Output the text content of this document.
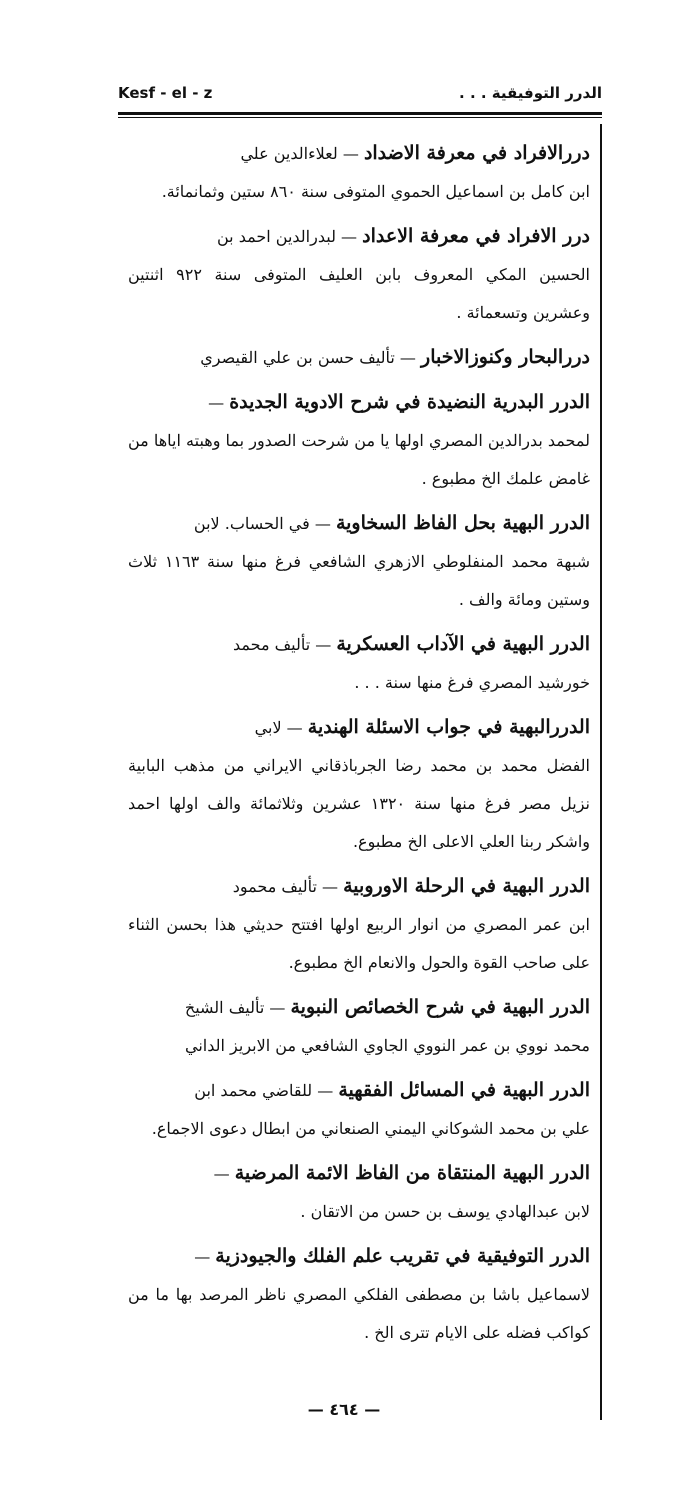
Kesf - el - z	الدرر التوفيقية . . .

دررالافراد في معرفة الاضداد — لعلاءالدين علي

ابن كامل بن اسماعيل الحموي المتوفى سنة ٨٦٠ ستين وثمانمائة.

درر الافراد في معرفة الاعداد — لبدرالدين احمد بن

الحسين المكي المعروف بابن العليف المتوفى سنة ٩٢٢ اثنتين وعشرين وتسعمائة .

دررالبحار وكنوزالاخبار — تأليف حسن بن علي القيصري

الدرر البدرية النضيدة في شرح الادوية الجديدة —

لمحمد بدرالدين المصري اولها يا من شرحت الصدور بما وهبته اياها من غامض علمك الخ مطبوع .

الدرر البهية بحل الفاظ السخاوية — في الحساب. لابن

شبهة محمد المنفلوطي الازهري الشافعي فرغ منها سنة ١١٦٣ ثلاث وستين ومائة والف .

الدرر البهية في الآداب العسكرية — تأليف محمد

خورشيد المصري فرغ منها سنة . . .

الدررالبهية في جواب الاسئلة الهندية — لابي

الفضل محمد بن محمد رضا الجرباذقاني الايراني من مذهب البابية نزيل مصر فرغ منها سنة ١٣٢٠ عشرين وثلاثمائة والف اولها احمد واشكر ربنا العلي الاعلى الخ مطبوع.

الدرر البهية في الرحلة الاوروبية — تأليف محمود

ابن عمر المصري من انوار الربيع اولها افتتح حديثي هذا بحسن الثناء على صاحب القوة والحول والانعام الخ مطبوع.

الدرر البهية في شرح الخصائص النبوية — تأليف الشيخ

محمد نووي بن عمر النووي الجاوي الشافعي من الابريز الداني

الدرر البهية في المسائل الفقهية — للقاضي محمد ابن

علي بن محمد الشوكاني اليمني الصنعاني من ابطال دعوى الاجماع.

الدرر البهية المنتقاة من الفاظ الائمة المرضية —

لابن عبدالهادي يوسف بن حسن من الاتقان .

الدرر التوفيقية في تقريب علم الفلك والجيودزية —

لاسماعيل باشا بن مصطفى الفلكي المصري ناظر المرصد بها ما من كواكب فضله على الايام تترى الخ .

— ٤٦٤ —
